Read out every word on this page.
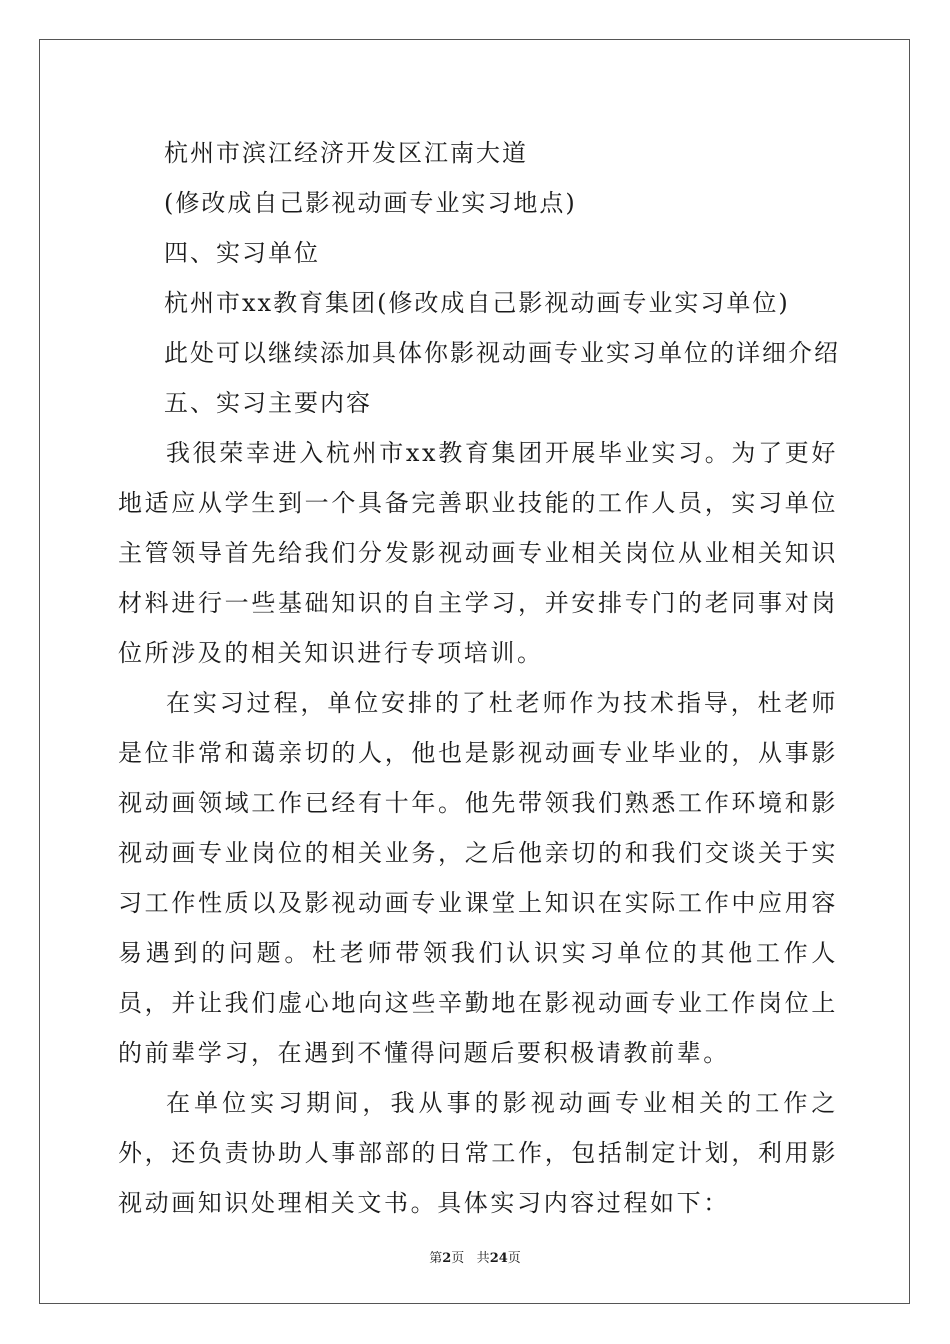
杭州市滨江经济开发区江南大道
(修改成自己影视动画专业实习地点)
四、实习单位
杭州市xx教育集团(修改成自己影视动画专业实习单位)
此处可以继续添加具体你影视动画专业实习单位的详细介绍
五、实习主要内容

我很荣幸进入杭州市xx教育集团开展毕业实习。为了更好地适应从学生到一个具备完善职业技能的工作人员，实习单位主管领导首先给我们分发影视动画专业相关岗位从业相关知识材料进行一些基础知识的自主学习，并安排专门的老同事对岗位所涉及的相关知识进行专项培训。

在实习过程，单位安排的了杜老师作为技术指导，杜老师是位非常和蔼亲切的人，他也是影视动画专业毕业的，从事影视动画领域工作已经有十年。他先带领我们熟悉工作环境和影视动画专业岗位的相关业务，之后他亲切的和我们交谈关于实习工作性质以及影视动画专业课堂上知识在实际工作中应用容易遇到的问题。杜老师带领我们认识实习单位的其他工作人员，并让我们虚心地向这些辛勤地在影视动画专业工作岗位上的前辈学习，在遇到不懂得问题后要积极请教前辈。

在单位实习期间，我从事的影视动画专业相关的工作之外，还负责协助人事部部的日常工作，包括制定计划，利用影视动画知识处理相关文书。具体实习内容过程如下：

第2页 共24页
